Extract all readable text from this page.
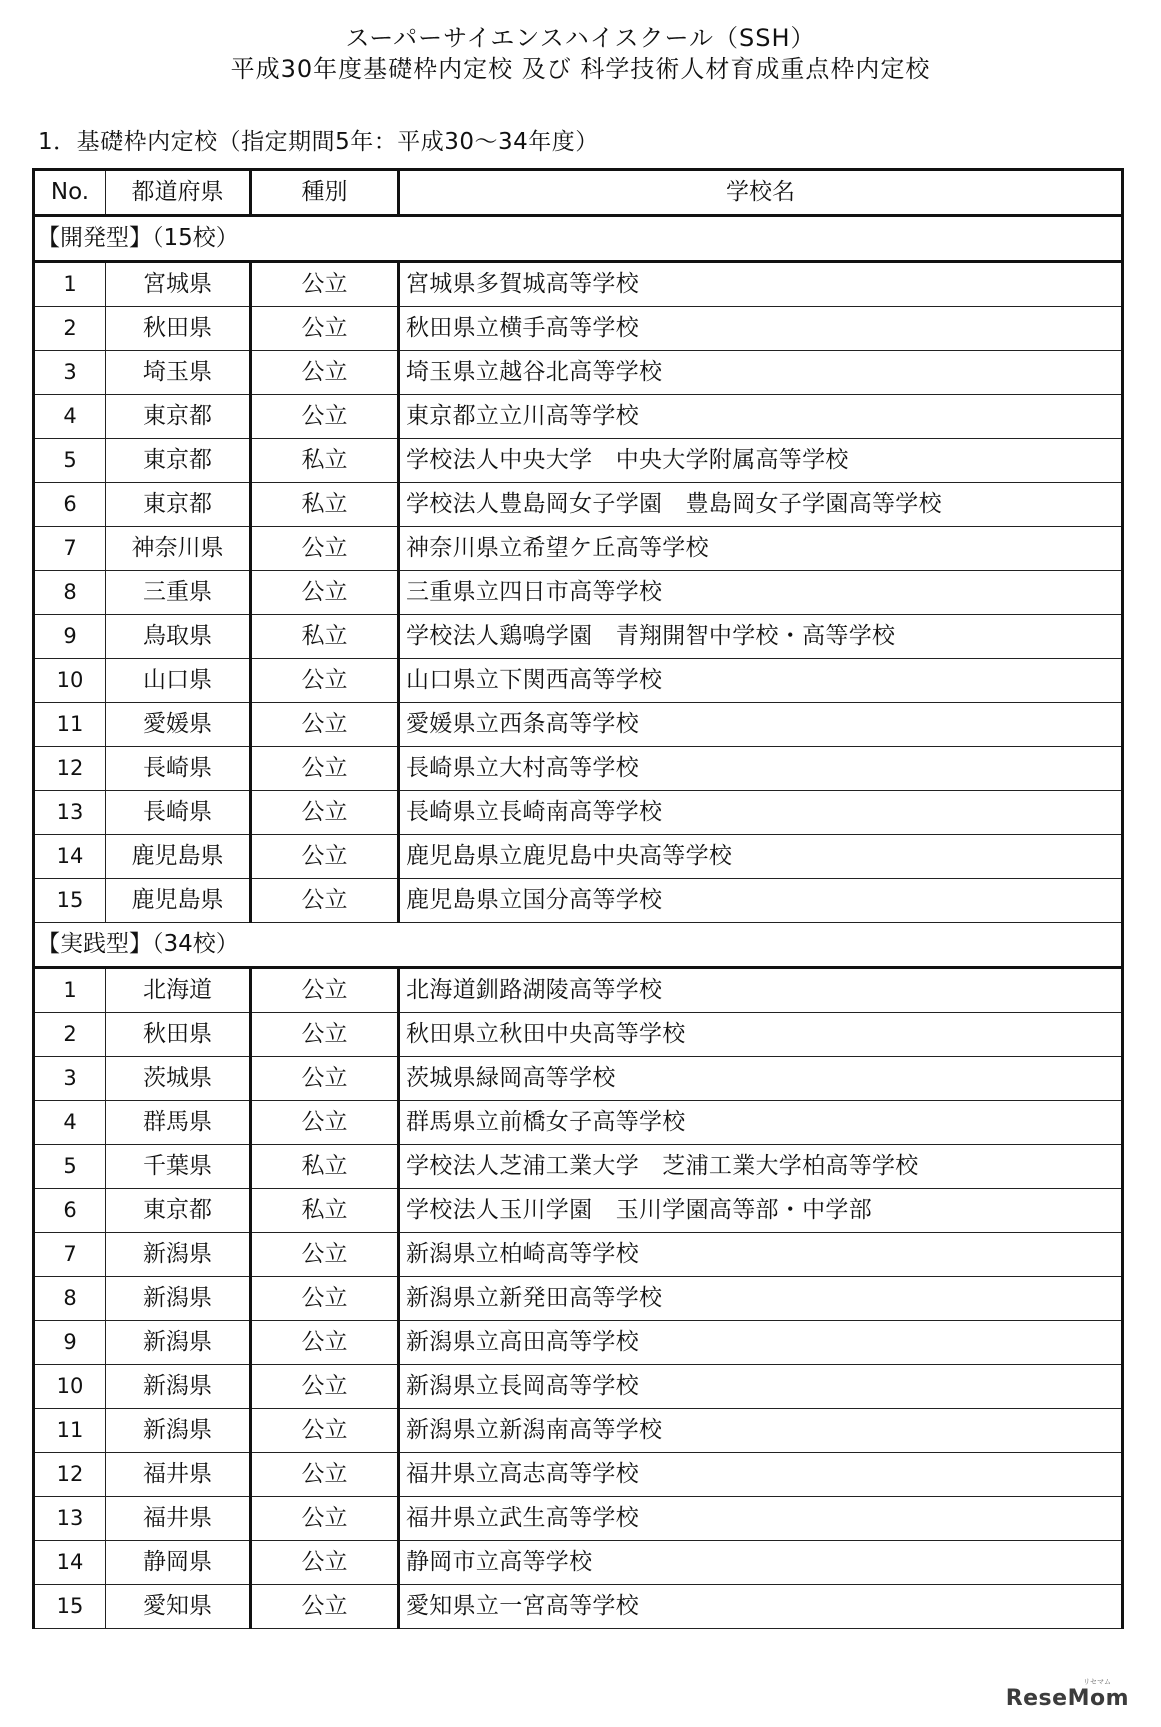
スーパーサイエンスハイスクール（SSH）
平成30年度基礎枠内定校 及び 科学技術人材育成重点枠内定校
1．基礎枠内定校（指定期間5年：平成30～34年度）
No.	都道府県	種別	学校名
【開発型】（15校）			
1	宮城県	公立	宮城県多賀城高等学校
2	秋田県	公立	秋田県立横手高等学校
3	埼玉県	公立	埼玉県立越谷北高等学校
4	東京都	公立	東京都立立川高等学校
5	東京都	私立	学校法人中央大学　中央大学附属高等学校
6	東京都	私立	学校法人豊島岡女子学園　豊島岡女子学園高等学校
7	神奈川県	公立	神奈川県立希望ケ丘高等学校
8	三重県	公立	三重県立四日市高等学校
9	鳥取県	私立	学校法人鶏鳴学園　青翔開智中学校・高等学校
10	山口県	公立	山口県立下関西高等学校
11	愛媛県	公立	愛媛県立西条高等学校
12	長崎県	公立	長崎県立大村高等学校
13	長崎県	公立	長崎県立長崎南高等学校
14	鹿児島県	公立	鹿児島県立鹿児島中央高等学校
15	鹿児島県	公立	鹿児島県立国分高等学校
【実践型】（34校）			
1	北海道	公立	北海道釧路湖陵高等学校
2	秋田県	公立	秋田県立秋田中央高等学校
3	茨城県	公立	茨城県緑岡高等学校
4	群馬県	公立	群馬県立前橋女子高等学校
5	千葉県	私立	学校法人芝浦工業大学　芝浦工業大学柏高等学校
6	東京都	私立	学校法人玉川学園　玉川学園高等部・中学部
7	新潟県	公立	新潟県立柏崎高等学校
8	新潟県	公立	新潟県立新発田高等学校
9	新潟県	公立	新潟県立高田高等学校
10	新潟県	公立	新潟県立長岡高等学校
11	新潟県	公立	新潟県立新潟南高等学校
12	福井県	公立	福井県立高志高等学校
13	福井県	公立	福井県立武生高等学校
14	静岡県	公立	静岡市立高等学校
15	愛知県	公立	愛知県立一宮高等学校
リセマム
ReseMom
